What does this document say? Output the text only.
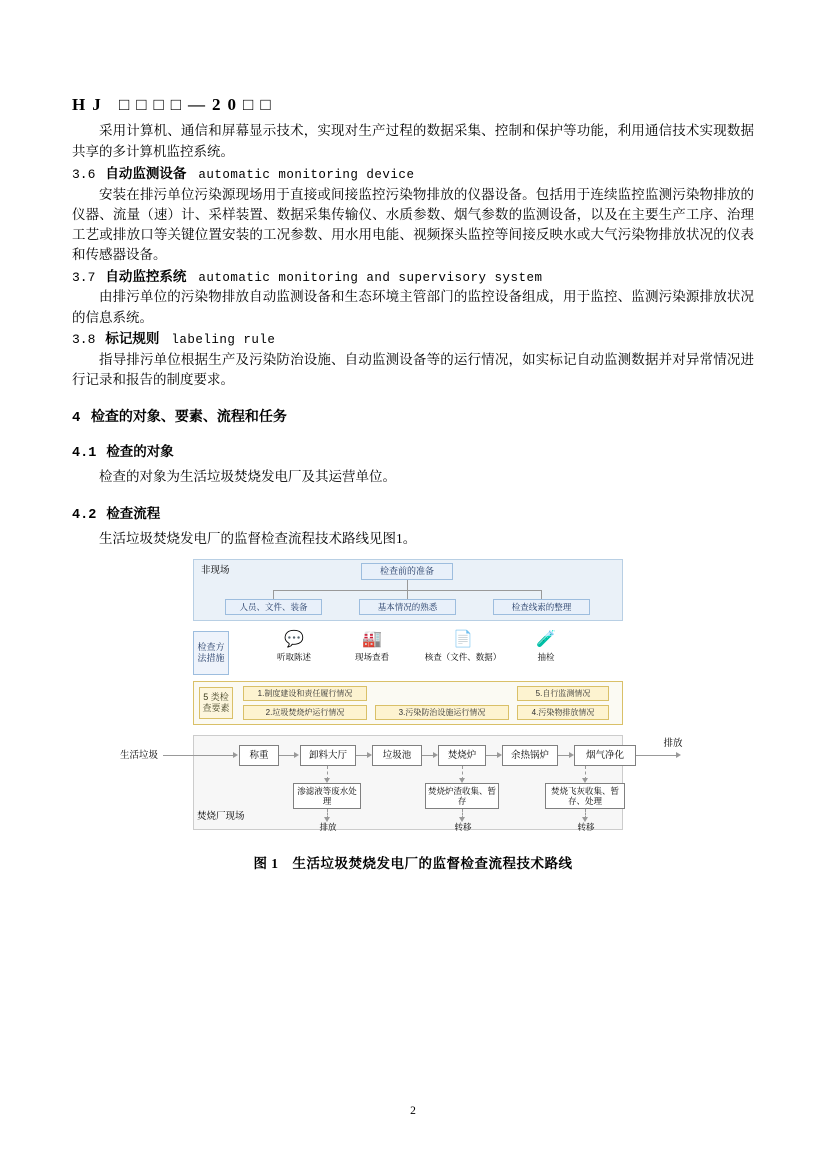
HJ □□□□—20□□

采用计算机、通信和屏幕显示技术，实现对生产过程的数据采集、控制和保护等功能，利用通信技术实现数据共享的多计算机监控系统。

3.6 自动监测设备 automatic monitoring device

安装在排污单位污染源现场用于直接或间接监控污染物排放的仪器设备。包括用于连续监控监测污染物排放的仪器、流量（速）计、采样装置、数据采集传输仪、水质参数、烟气参数的监测设备，以及在主要生产工序、治理工艺或排放口等关键位置安装的工况参数、用水用电能、视频探头监控等间接反映水或大气污染物排放状况的仪表和传感器设备。

3.7 自动监控系统 automatic monitoring and supervisory system

由排污单位的污染物排放自动监测设备和生态环境主管部门的监控设备组成，用于监控、监测污染源排放状况的信息系统。

3.8 标记规则 labeling rule

指导排污单位根据生产及污染防治设施、自动监测设备等的运行情况，如实标记自动监测数据并对异常情况进行记录和报告的制度要求。

4 检查的对象、要素、流程和任务
4.1 检查的对象

检查的对象为生活垃圾焚烧发电厂及其运营单位。

4.2 检查流程

生活垃圾焚烧发电厂的监督检查流程技术路线见图1。

非现场	检查前的准备
人员、文件、装备	基本情况的熟悉	检查线索的整理
检查方法措施
💬
听取陈述
🏭
现场查看
📄
核查（文件、数据）
🧪
抽检
5 类检查要素
1.制度建设和责任履行情况
2.垃圾焚烧炉运行情况	3.污染防治设施运行情况	4.污染物排放情况
5.自行监测情况
焚烧厂现场
生活垃圾	称重	卸料大厅	垃圾池	焚烧炉	余热锅炉	烟气净化
排放
渗滤液等废水处理
焚烧炉渣收集、暂存
焚烧飞灰收集、暂存、处理
排放	转移	转移
图 1　生活垃圾焚烧发电厂的监督检查流程技术路线
2
